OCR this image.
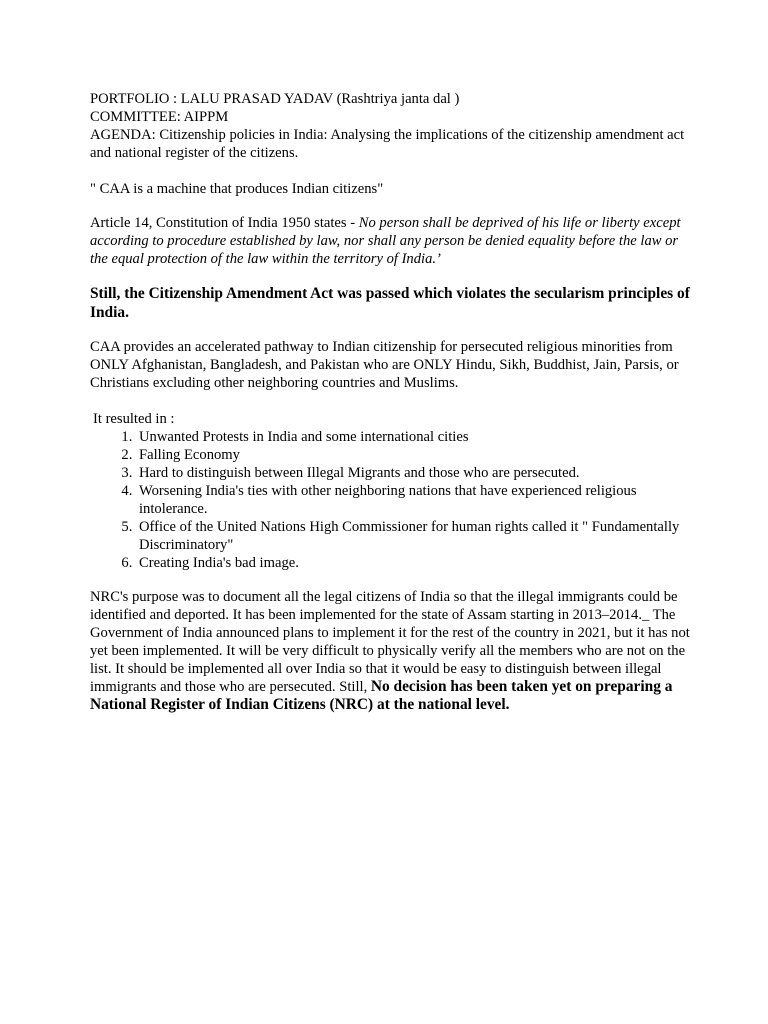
PORTFOLIO : LALU PRASAD YADAV (Rashtriya janta dal )
COMMITTEE: AIPPM
AGENDA: Citizenship policies in India: Analysing the implications of the citizenship amendment act and national register of the citizens.

" CAA is a machine that produces Indian citizens"

Article 14, Constitution of India 1950 states - No person shall be deprived of his life or liberty except according to procedure established by law, nor shall any person be denied equality before the law or the equal protection of the law within the territory of India.’

Still, the Citizenship Amendment Act was passed which violates the secularism principles of India.

CAA provides an accelerated pathway to Indian citizenship for persecuted religious minorities from ONLY Afghanistan, Bangladesh, and Pakistan who are ONLY Hindu, Sikh, Buddhist, Jain, Parsis, or Christians excluding other neighboring countries and Muslims.

It resulted in :
1. Unwanted Protests in India and some international cities
2. Falling Economy
3. Hard to distinguish between Illegal Migrants and those who are persecuted.
4. Worsening India's ties with other neighboring nations that have experienced religious intolerance.
5. Office of the United Nations High Commissioner for human rights called it " Fundamentally Discriminatory"
6. Creating India's bad image.

NRC's purpose was to document all the legal citizens of India so that the illegal immigrants could be identified and deported. It has been implemented for the state of Assam starting in 2013–2014._ The Government of India announced plans to implement it for the rest of the country in 2021, but it has not yet been implemented. It will be very difficult to physically verify all the members who are not on the list. It should be implemented all over India so that it would be easy to distinguish between illegal immigrants and those who are persecuted. Still, No decision has been taken yet on preparing a National Register of Indian Citizens (NRC) at the national level.
